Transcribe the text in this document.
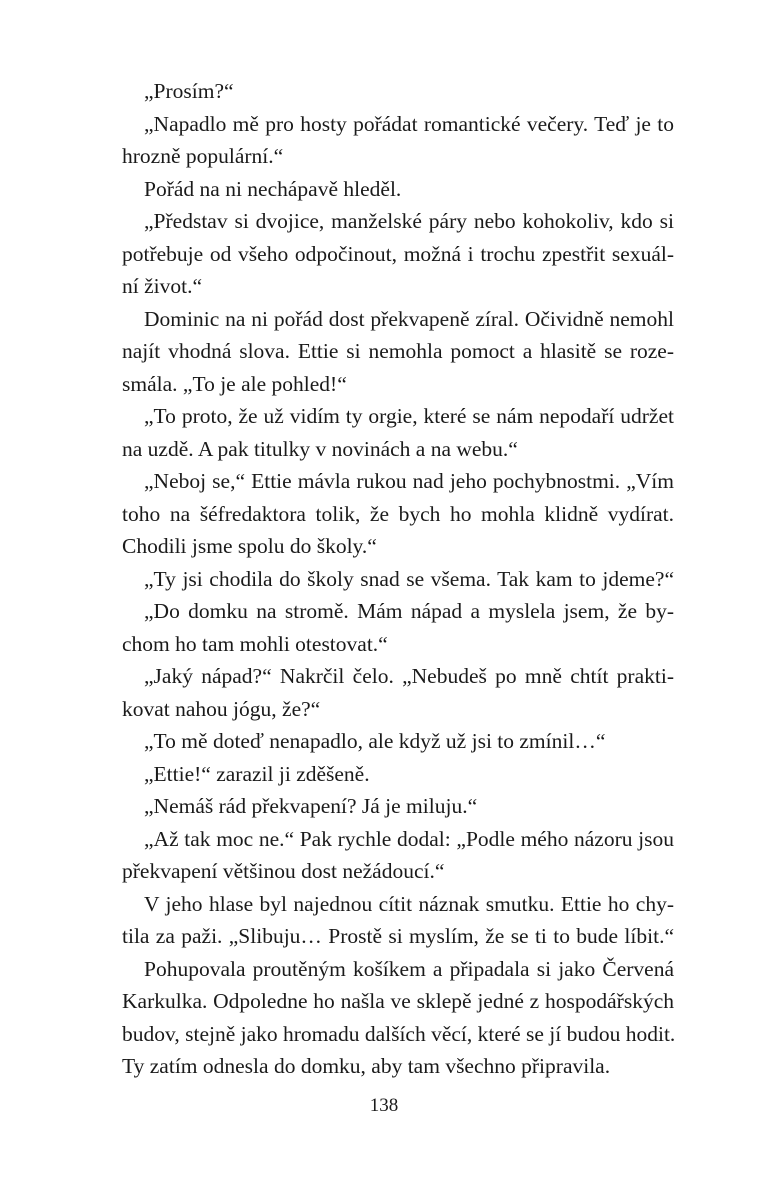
„Prosím?“
„Napadlo mě pro hosty pořádat romantické večery. Teď je to
hrozně populární.“
Pořád na ni nechápavě hleděl.
„Představ si dvojice, manželské páry nebo kohokoliv, kdo si
potřebuje od všeho odpočinout, možná i trochu zpestřit sexuál-
ní život.“
Dominic na ni pořád dost překvapeně zíral. Očividně nemohl
najít vhodná slova. Ettie si nemohla pomoct a hlasitě se roze-
smála. „To je ale pohled!“
„To proto, že už vidím ty orgie, které se nám nepodaří udržet
na uzdě. A pak titulky v novinách a na webu.“
„Neboj se,“ Ettie mávla rukou nad jeho pochybnostmi. „Vím
toho na šéfredaktora tolik, že bych ho mohla klidně vydírat.
Chodili jsme spolu do školy.“
„Ty jsi chodila do školy snad se všema. Tak kam to jdeme?“
„Do domku na stromě. Mám nápad a myslela jsem, že by-
chom ho tam mohli otestovat.“
„Jaký nápad?“ Nakrčil čelo. „Nebudeš po mně chtít prakti-
kovat nahou jógu, že?“
„To mě doteď nenapadlo, ale když už jsi to zmínil…“
„Ettie!“ zarazil ji zděšeně.
„Nemáš rád překvapení? Já je miluju.“
„Až tak moc ne.“ Pak rychle dodal: „Podle mého názoru jsou
překvapení většinou dost nežádoucí.“
V jeho hlase byl najednou cítit náznak smutku. Ettie ho chy-
tila za paži. „Slibuju… Prostě si myslím, že se ti to bude líbit.“
Pohupovala proutěným košíkem a připadala si jako Červená
Karkulka. Odpoledne ho našla ve sklepě jedné z hospodářských
budov, stejně jako hromadu dalších věcí, které se jí budou hodit.
Ty zatím odnesla do domku, aby tam všechno připravila.
138
